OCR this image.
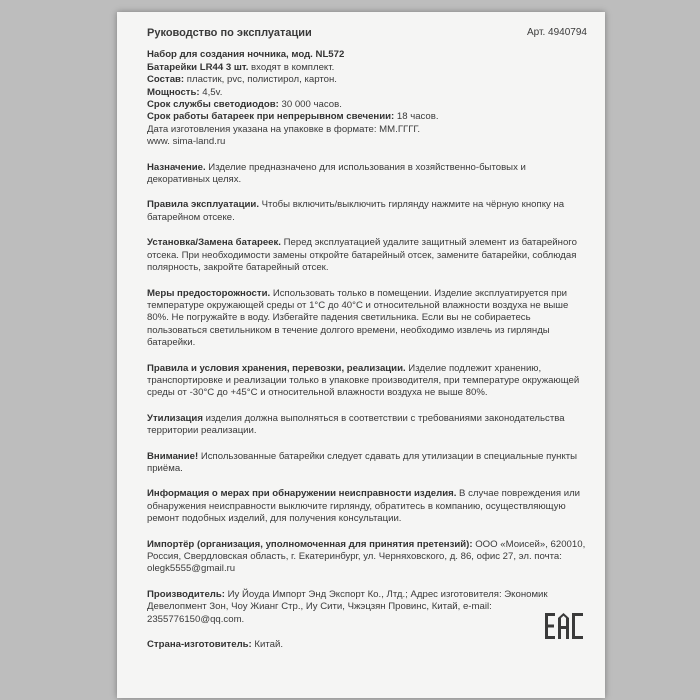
Арт. 4940794
Руководство по эксплуатации

Набор для создания ночника, мод. NL572

Батарейки LR44 3 шт. входят в комплект.

Состав: пластик, pvc, полистирол, картон.

Мощность: 4,5v.

Срок службы светодиодов: 30 000 часов.

Срок работы батареек при непрерывном свечении: 18 часов.

Дата изготовления указана на упаковке в формате: ММ.ГГГГ.

www. sima-land.ru

Назначение. Изделие предназначено для использования в хозяйственно-бытовых и декоративных целях.

Правила эксплуатации. Чтобы включить/выключить гирлянду нажмите на чёрную кнопку на батарейном отсеке.

Установка/Замена батареек. Перед эксплуатацией удалите защитный элемент из батарейного отсека. При необходимости замены откройте батарейный отсек, замените батарейки, соблюдая полярность, закройте батарейный отсек.

Меры предосторожности. Использовать только в помещении. Изделие эксплуатируется при температуре окружающей среды от 1°С до 40°С и относительной влажности воздуха не выше 80%. Не погружайте в воду. Избегайте падения светильника. Если вы не собираетесь пользоваться светильником в течение долгого времени, необходимо извлечь из гирлянды батарейки.

Правила и условия хранения, перевозки, реализации. Изделие подлежит хранению, транспортировке и реализации только в упаковке производителя, при температуре окружающей среды от -30°С до +45°С и относительной влажности воздуха не выше 80%.

Утилизация изделия должна выполняться в соответствии с требованиями законодательства территории реализации.

Внимание! Использованные батарейки следует сдавать для утилизации в специальные пункты приёма.

Информация о мерах при обнаружении неисправности изделия. В случае повреждения или обнаружения неисправности выключите гирлянду, обратитесь в компанию, осуществляющую ремонт подобных изделий, для получения консультации.

Импортёр (организация, уполномоченная для принятия претензий): ООО «Моисей», 620010, Россия, Свердловская область, г. Екатеринбург, ул. Черняховского, д. 86, офис 27, эл. почта: olegk5555@gmail.ru

Производитель: Иу Йоуда Импорт Энд Экспорт Ко., Лтд.; Адрес изготовителя: Экономик Девелопмент Зон, Чоу Жианг Стр., Иу Сити, Чжэцзян Провинс, Китай, e-mail: 2355776150@qq.com.

Страна-изготовитель: Китай.
